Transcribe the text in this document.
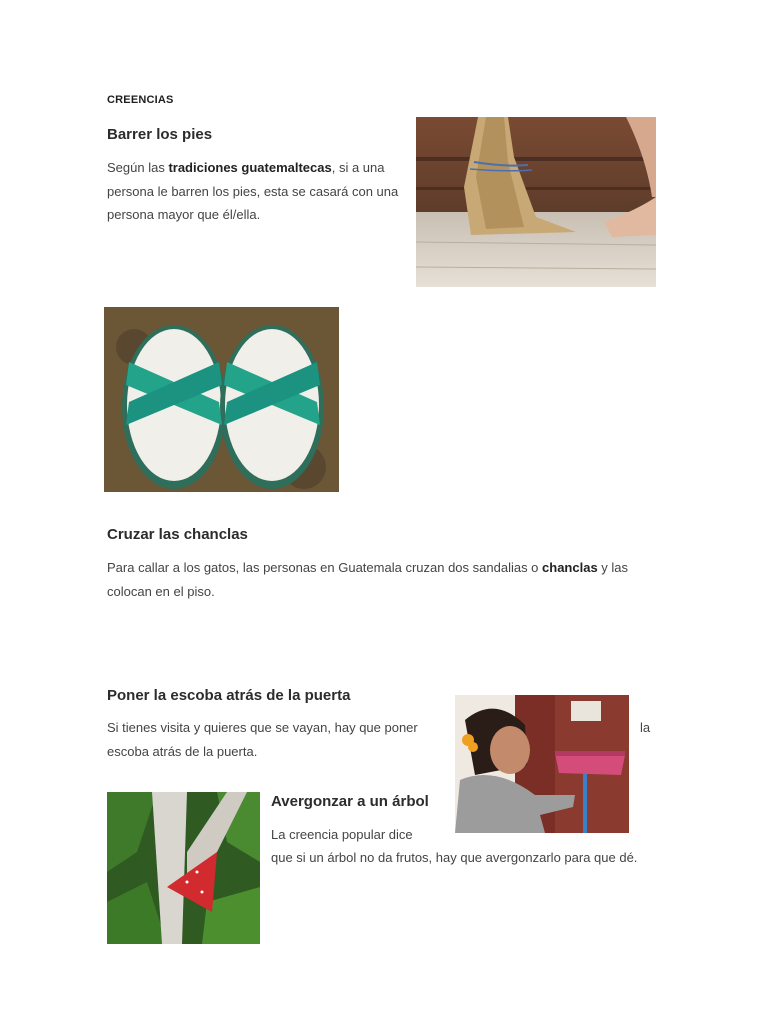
CREENCIAS
Barrer los pies

Según las tradiciones guatemaltecas, si a una persona le barren los pies, esta se casará con una persona mayor que él/ella.

Cruzar las chanclas

Para callar a los gatos, las personas en Guatemala cruzan dos sandalias o chanclas y las colocan en el piso.

Poner la escoba atrás de la puerta
Si tienes visita y quieres que se vayan, hay que poner	la
escoba atrás de la puerta.
Avergonzar a un árbol
La creencia popular dice
que si un árbol no da frutos, hay que avergonzarlo para que dé.
